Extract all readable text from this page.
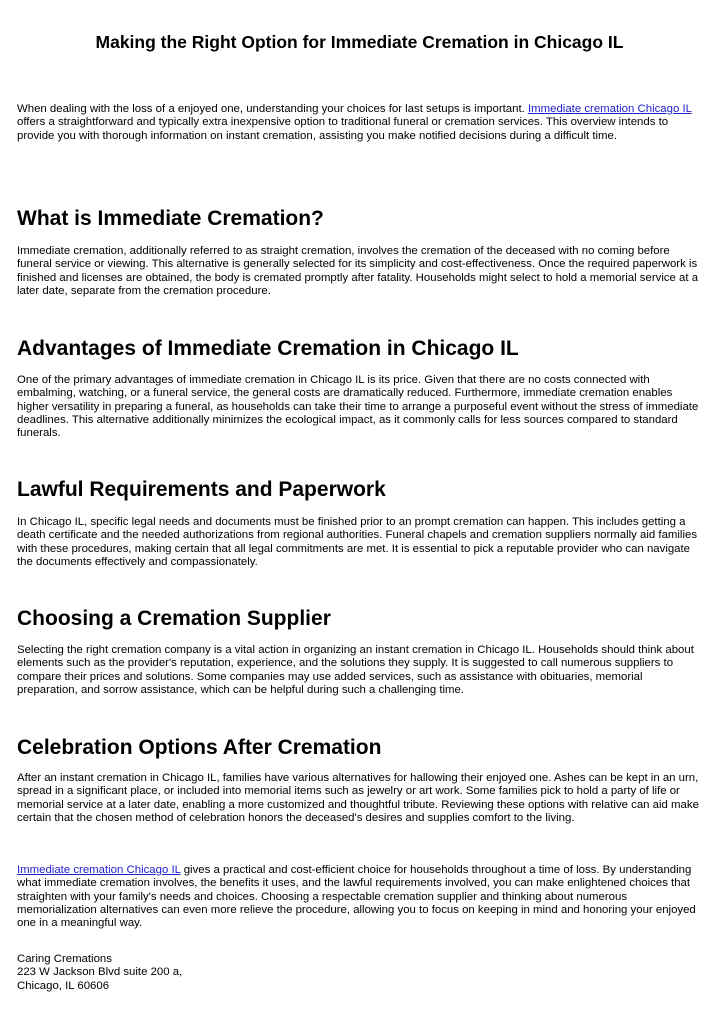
Making the Right Option for Immediate Cremation in Chicago IL

When dealing with the loss of a enjoyed one, understanding your choices for last setups is important. Immediate cremation Chicago IL offers a straightforward and typically extra inexpensive option to traditional funeral or cremation services. This overview intends to provide you with thorough information on instant cremation, assisting you make notified decisions during a difficult time.

What is Immediate Cremation?

Immediate cremation, additionally referred to as straight cremation, involves the cremation of the deceased with no coming before funeral service or viewing. This alternative is generally selected for its simplicity and cost-effectiveness. Once the required paperwork is finished and licenses are obtained, the body is cremated promptly after fatality. Households might select to hold a memorial service at a later date, separate from the cremation procedure.

Advantages of Immediate Cremation in Chicago IL

One of the primary advantages of immediate cremation in Chicago IL is its price. Given that there are no costs connected with embalming, watching, or a funeral service, the general costs are dramatically reduced. Furthermore, immediate cremation enables higher versatility in preparing a funeral, as households can take their time to arrange a purposeful event without the stress of immediate deadlines. This alternative additionally minimizes the ecological impact, as it commonly calls for less sources compared to standard funerals.

Lawful Requirements and Paperwork

In Chicago IL, specific legal needs and documents must be finished prior to an prompt cremation can happen. This includes getting a death certificate and the needed authorizations from regional authorities. Funeral chapels and cremation suppliers normally aid families with these procedures, making certain that all legal commitments are met. It is essential to pick a reputable provider who can navigate the documents effectively and compassionately.

Choosing a Cremation Supplier

Selecting the right cremation company is a vital action in organizing an instant cremation in Chicago IL. Households should think about elements such as the provider's reputation, experience, and the solutions they supply. It is suggested to call numerous suppliers to compare their prices and solutions. Some companies may use added services, such as assistance with obituaries, memorial preparation, and sorrow assistance, which can be helpful during such a challenging time.

Celebration Options After Cremation

After an instant cremation in Chicago IL, families have various alternatives for hallowing their enjoyed one. Ashes can be kept in an urn, spread in a significant place, or included into memorial items such as jewelry or art work. Some families pick to hold a party of life or memorial service at a later date, enabling a more customized and thoughtful tribute. Reviewing these options with relative can aid make certain that the chosen method of celebration honors the deceased's desires and supplies comfort to the living.

Immediate cremation Chicago IL gives a practical and cost-efficient choice for households throughout a time of loss. By understanding what immediate cremation involves, the benefits it uses, and the lawful requirements involved, you can make enlightened choices that straighten with your family's needs and choices. Choosing a respectable cremation supplier and thinking about numerous memorialization alternatives can even more relieve the procedure, allowing you to focus on keeping in mind and honoring your enjoyed one in a meaningful way.

Caring Cremations
223 W Jackson Blvd suite 200 a,
Chicago, IL 60606
